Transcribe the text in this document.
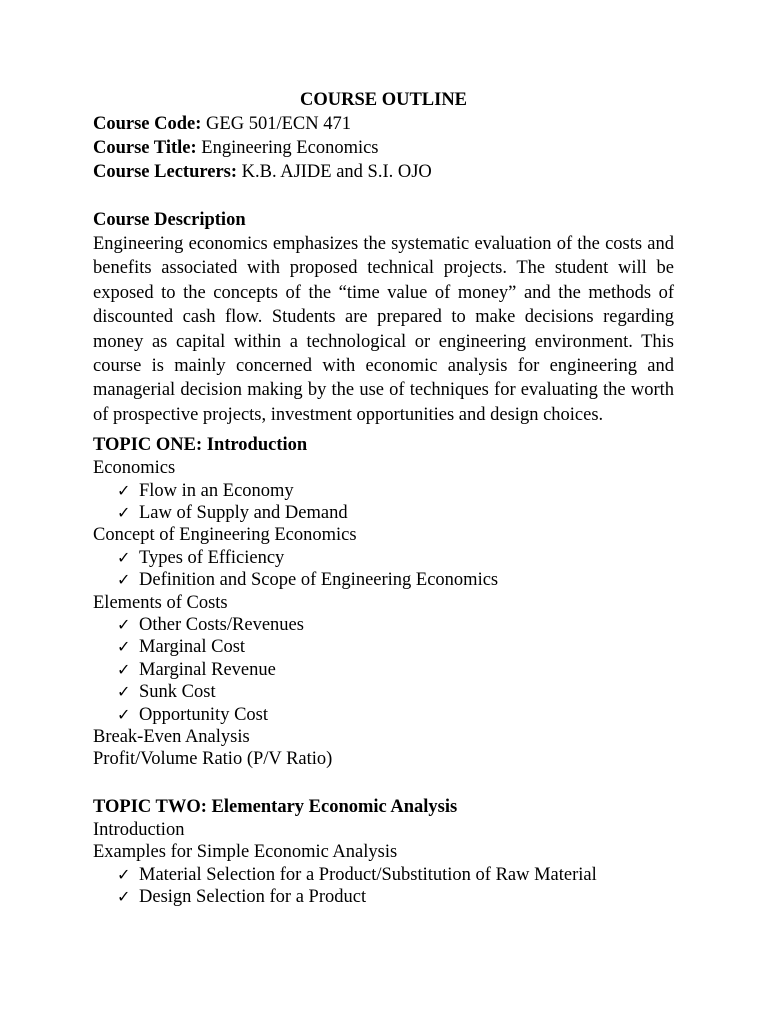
COURSE OUTLINE
Course Code: GEG 501/ECN 471
Course Title: Engineering Economics
Course Lecturers: K.B. AJIDE and S.I. OJO
Course Description

Engineering economics emphasizes the systematic evaluation of the costs and benefits associated with proposed technical projects. The student will be exposed to the concepts of the “time value of money” and the methods of discounted cash flow. Students are prepared to make decisions regarding money as capital within a technological or engineering environment. This course is mainly concerned with economic analysis for engineering and managerial decision making by the use of techniques for evaluating the worth of prospective projects, investment opportunities and design choices.

TOPIC ONE: Introduction
Economics
✓ Flow in an Economy
✓ Law of Supply and Demand
Concept of Engineering Economics
✓ Types of Efficiency
✓ Definition and Scope of Engineering Economics
Elements of Costs
✓ Other Costs/Revenues
✓ Marginal Cost
✓ Marginal Revenue
✓ Sunk Cost
✓ Opportunity Cost
Break-Even Analysis
Profit/Volume Ratio (P/V Ratio)
TOPIC TWO: Elementary Economic Analysis
Introduction
Examples for Simple Economic Analysis
✓ Material Selection for a Product/Substitution of Raw Material
✓ Design Selection for a Product
